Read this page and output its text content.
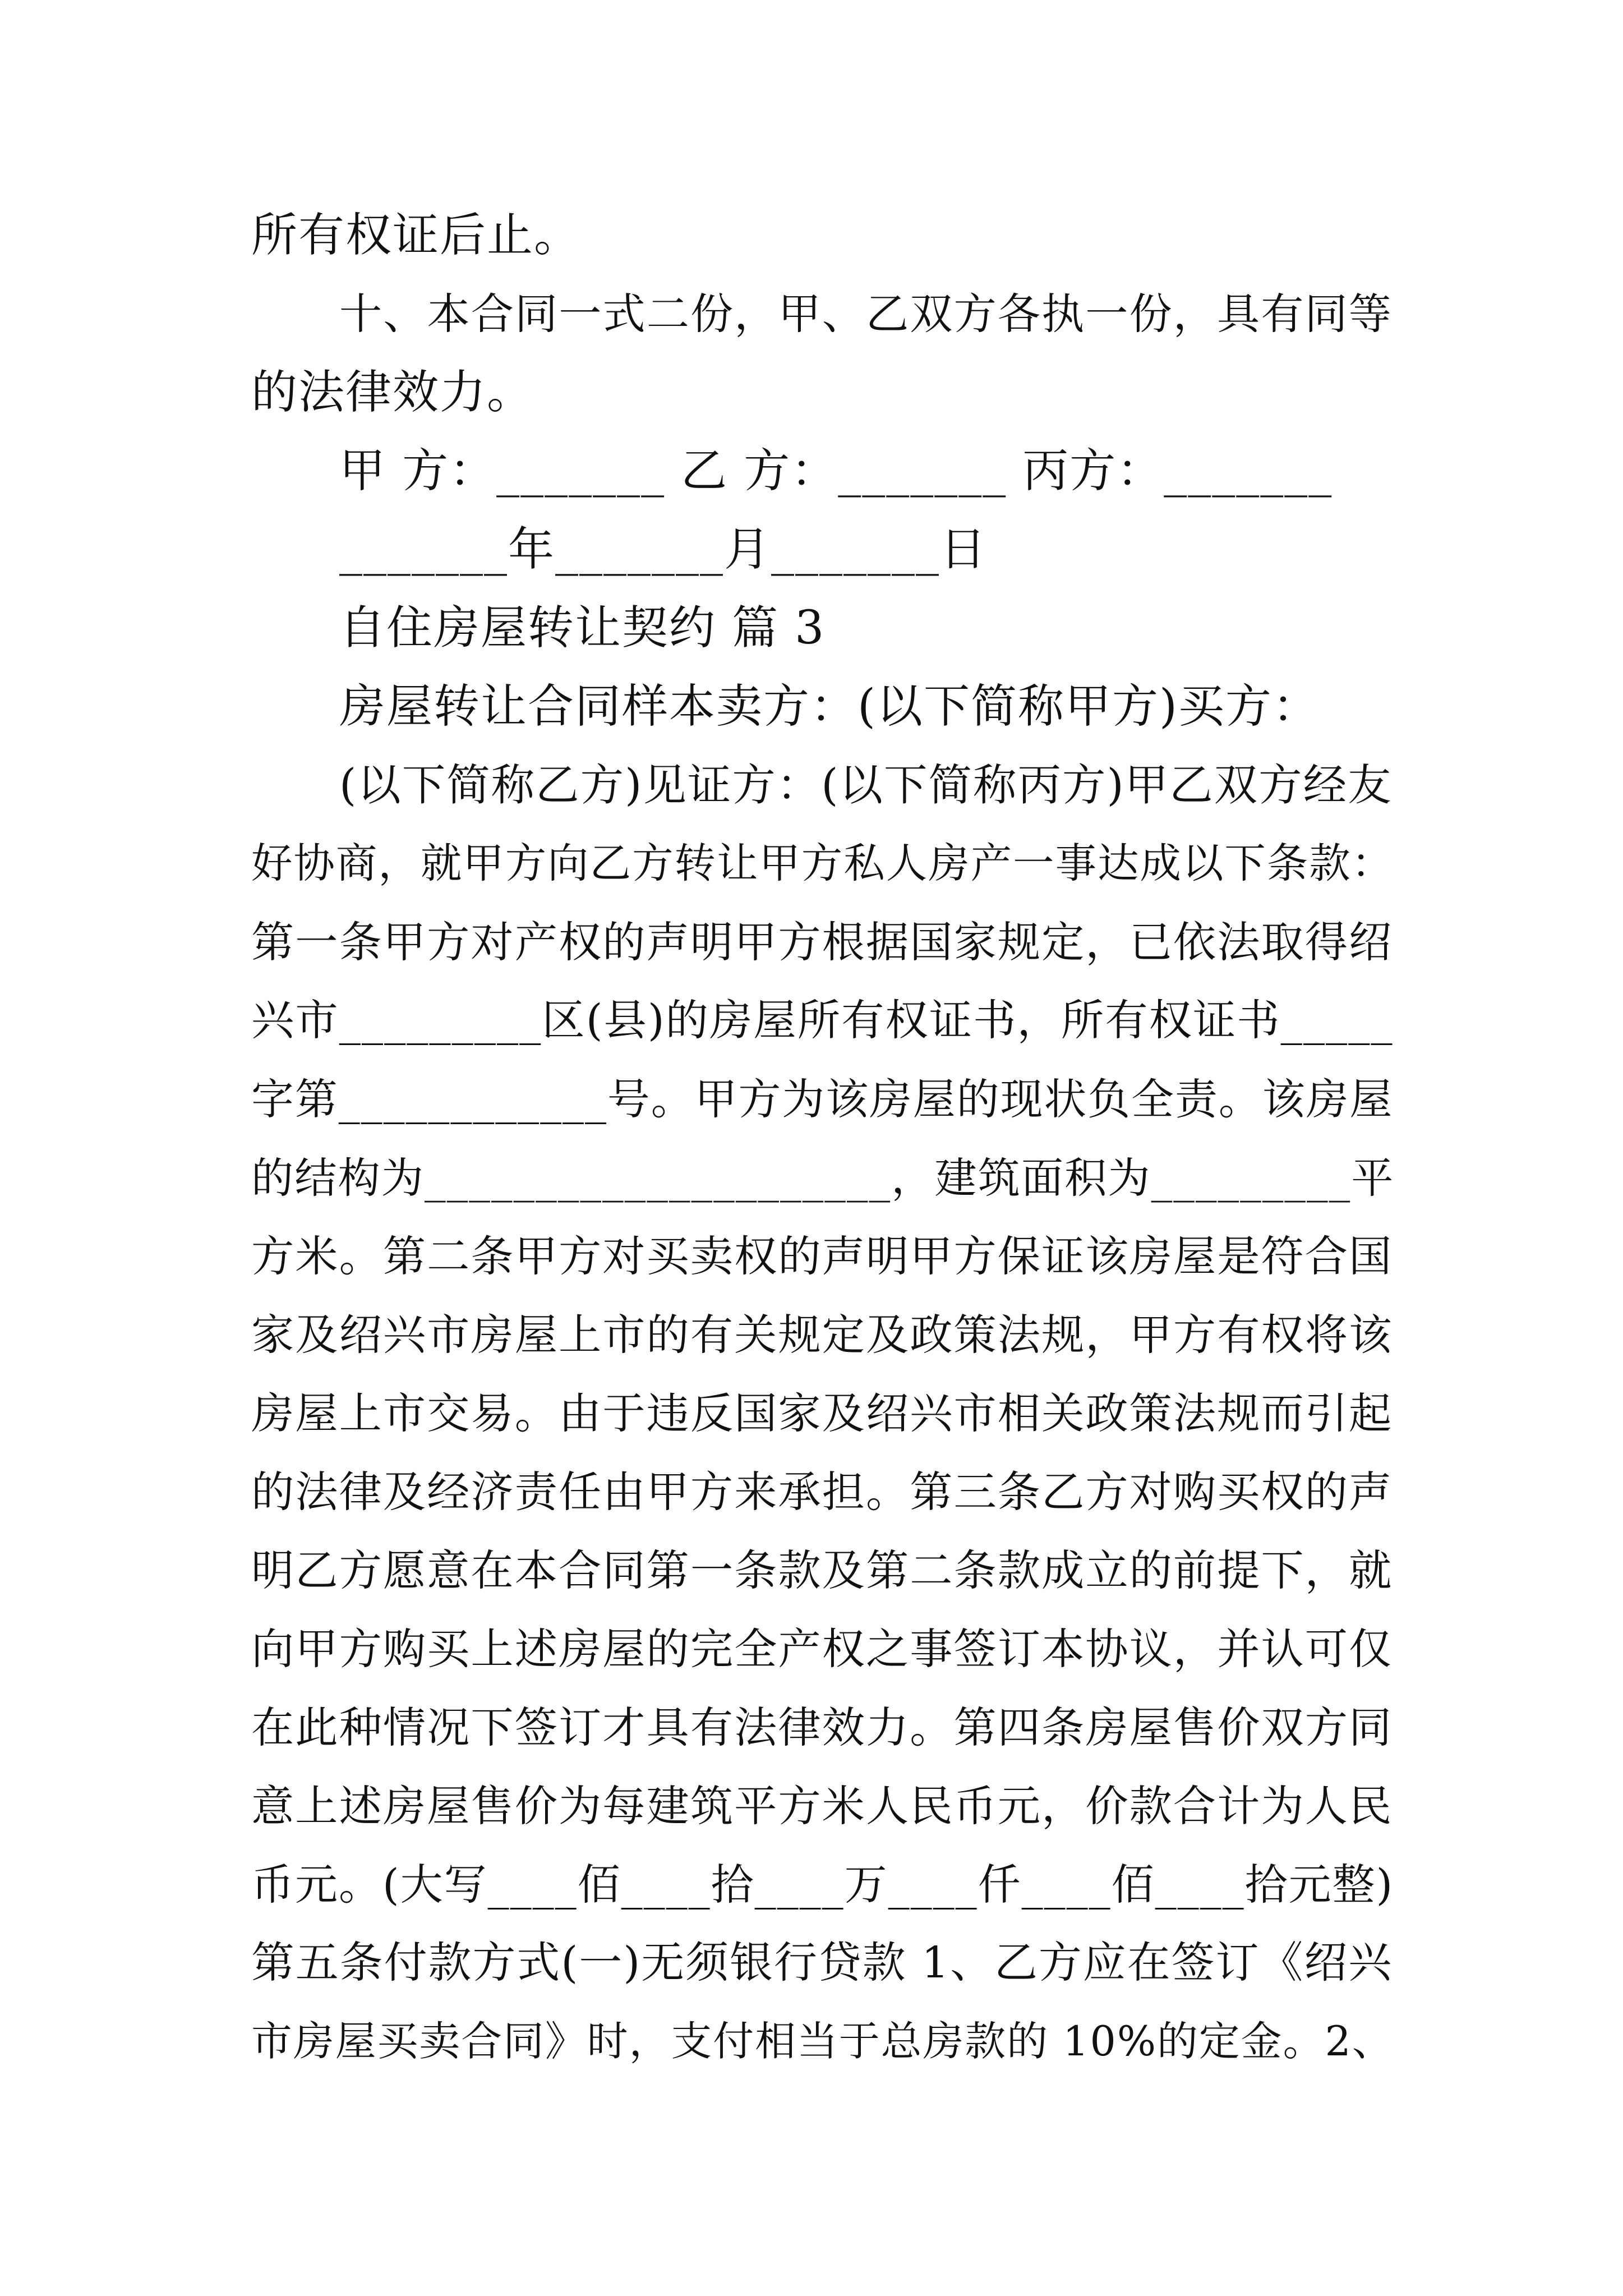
所有权证后止。
十、本合同一式二份，甲、乙双方各执一份，具有同等
的法律效力。
甲 方：_______ 乙 方：_______ 丙方：_______
_______年_______月_______日
自住房屋转让契约 篇 3
房屋转让合同样本卖方：(以下简称甲方)买方：
(以下简称乙方)见证方：(以下简称丙方)甲乙双方经友
好协商，就甲方向乙方转让甲方私人房产一事达成以下条款：
第一条甲方对产权的声明甲方根据国家规定，已依法取得绍
兴市_________区(县)的房屋所有权证书，所有权证书_____
字第____________号。甲方为该房屋的现状负全责。该房屋
的结构为_____________________，建筑面积为_________平
方米。第二条甲方对买卖权的声明甲方保证该房屋是符合国
家及绍兴市房屋上市的有关规定及政策法规，甲方有权将该
房屋上市交易。由于违反国家及绍兴市相关政策法规而引起
的法律及经济责任由甲方来承担。第三条乙方对购买权的声
明乙方愿意在本合同第一条款及第二条款成立的前提下，就
向甲方购买上述房屋的完全产权之事签订本协议，并认可仅
在此种情况下签订才具有法律效力。第四条房屋售价双方同
意上述房屋售价为每建筑平方米人民币元，价款合计为人民
币元。(大写____佰____拾____万____仟____佰____拾元整)
第五条付款方式(一)无须银行贷款 1、乙方应在签订《绍兴
市房屋买卖合同》时，支付相当于总房款的 10%的定金。2、
